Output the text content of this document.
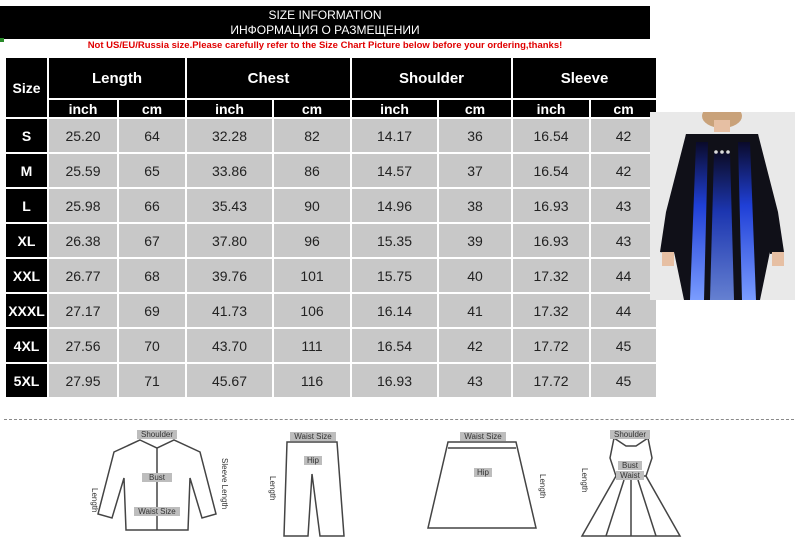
SIZE INFORMATION
ИНФОРМАЦИЯ О РАЗМЕЩЕНИИ
Not US/EU/Russia size.Please carefully refer to the Size Chart Picture below before your ordering,thanks!
Size	Length		Chest		Shoulder		Sleeve	
	inch	cm	inch	cm	inch	cm	inch	cm
S	25.20	64	32.28	82	14.17	36	16.54	42
M	25.59	65	33.86	86	14.57	37	16.54	42
L	25.98	66	35.43	90	14.96	38	16.93	43
XL	26.38	67	37.80	96	15.35	39	16.93	43
XXL	26.77	68	39.76	101	15.75	40	17.32	44
XXXL	27.17	69	41.73	106	16.14	41	17.32	44
4XL	27.56	70	43.70	111	16.54	42	17.72	45
5XL	27.95	71	45.67	116	16.93	43	17.72	45
Shoulder
Bust
Waist Size
Length	Sleeve Length
Waist Size
Hip
Length
Waist Size
Hip
Length
Shoulder
Bust
Waist
Length
